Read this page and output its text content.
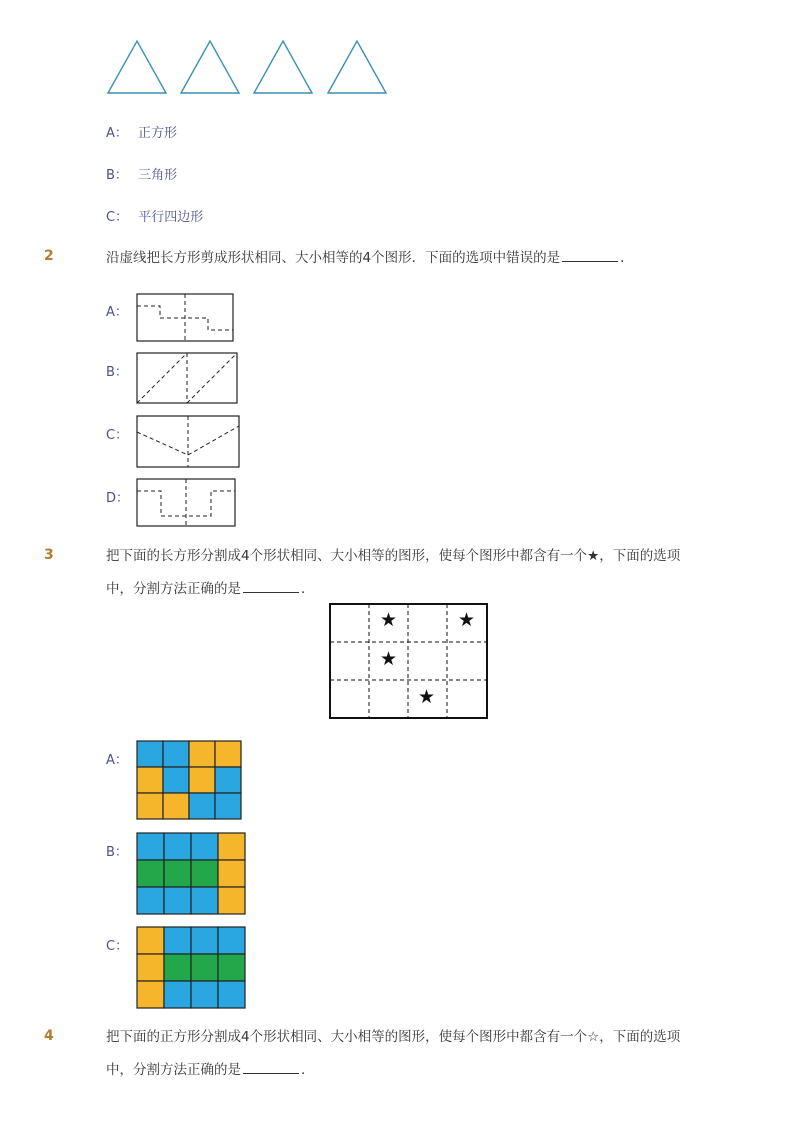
A： 正方形
B： 三角形
C： 平行四边形
2	沿虚线把长方形剪成形状相同、大小相等的4个图形．下面的选项中错误的是	．
A：
B：
C：
D：
3	把下面的长方形分割成4个形状相同、大小相等的图形，使每个图形中都含有一个★，下面的选项
中，分割方法正确的是	．
★	★
★
★
A：
B：
C：
4	把下面的正方形分割成4个形状相同、大小相等的图形，使每个图形中都含有一个☆，下面的选项
中，分割方法正确的是	．
